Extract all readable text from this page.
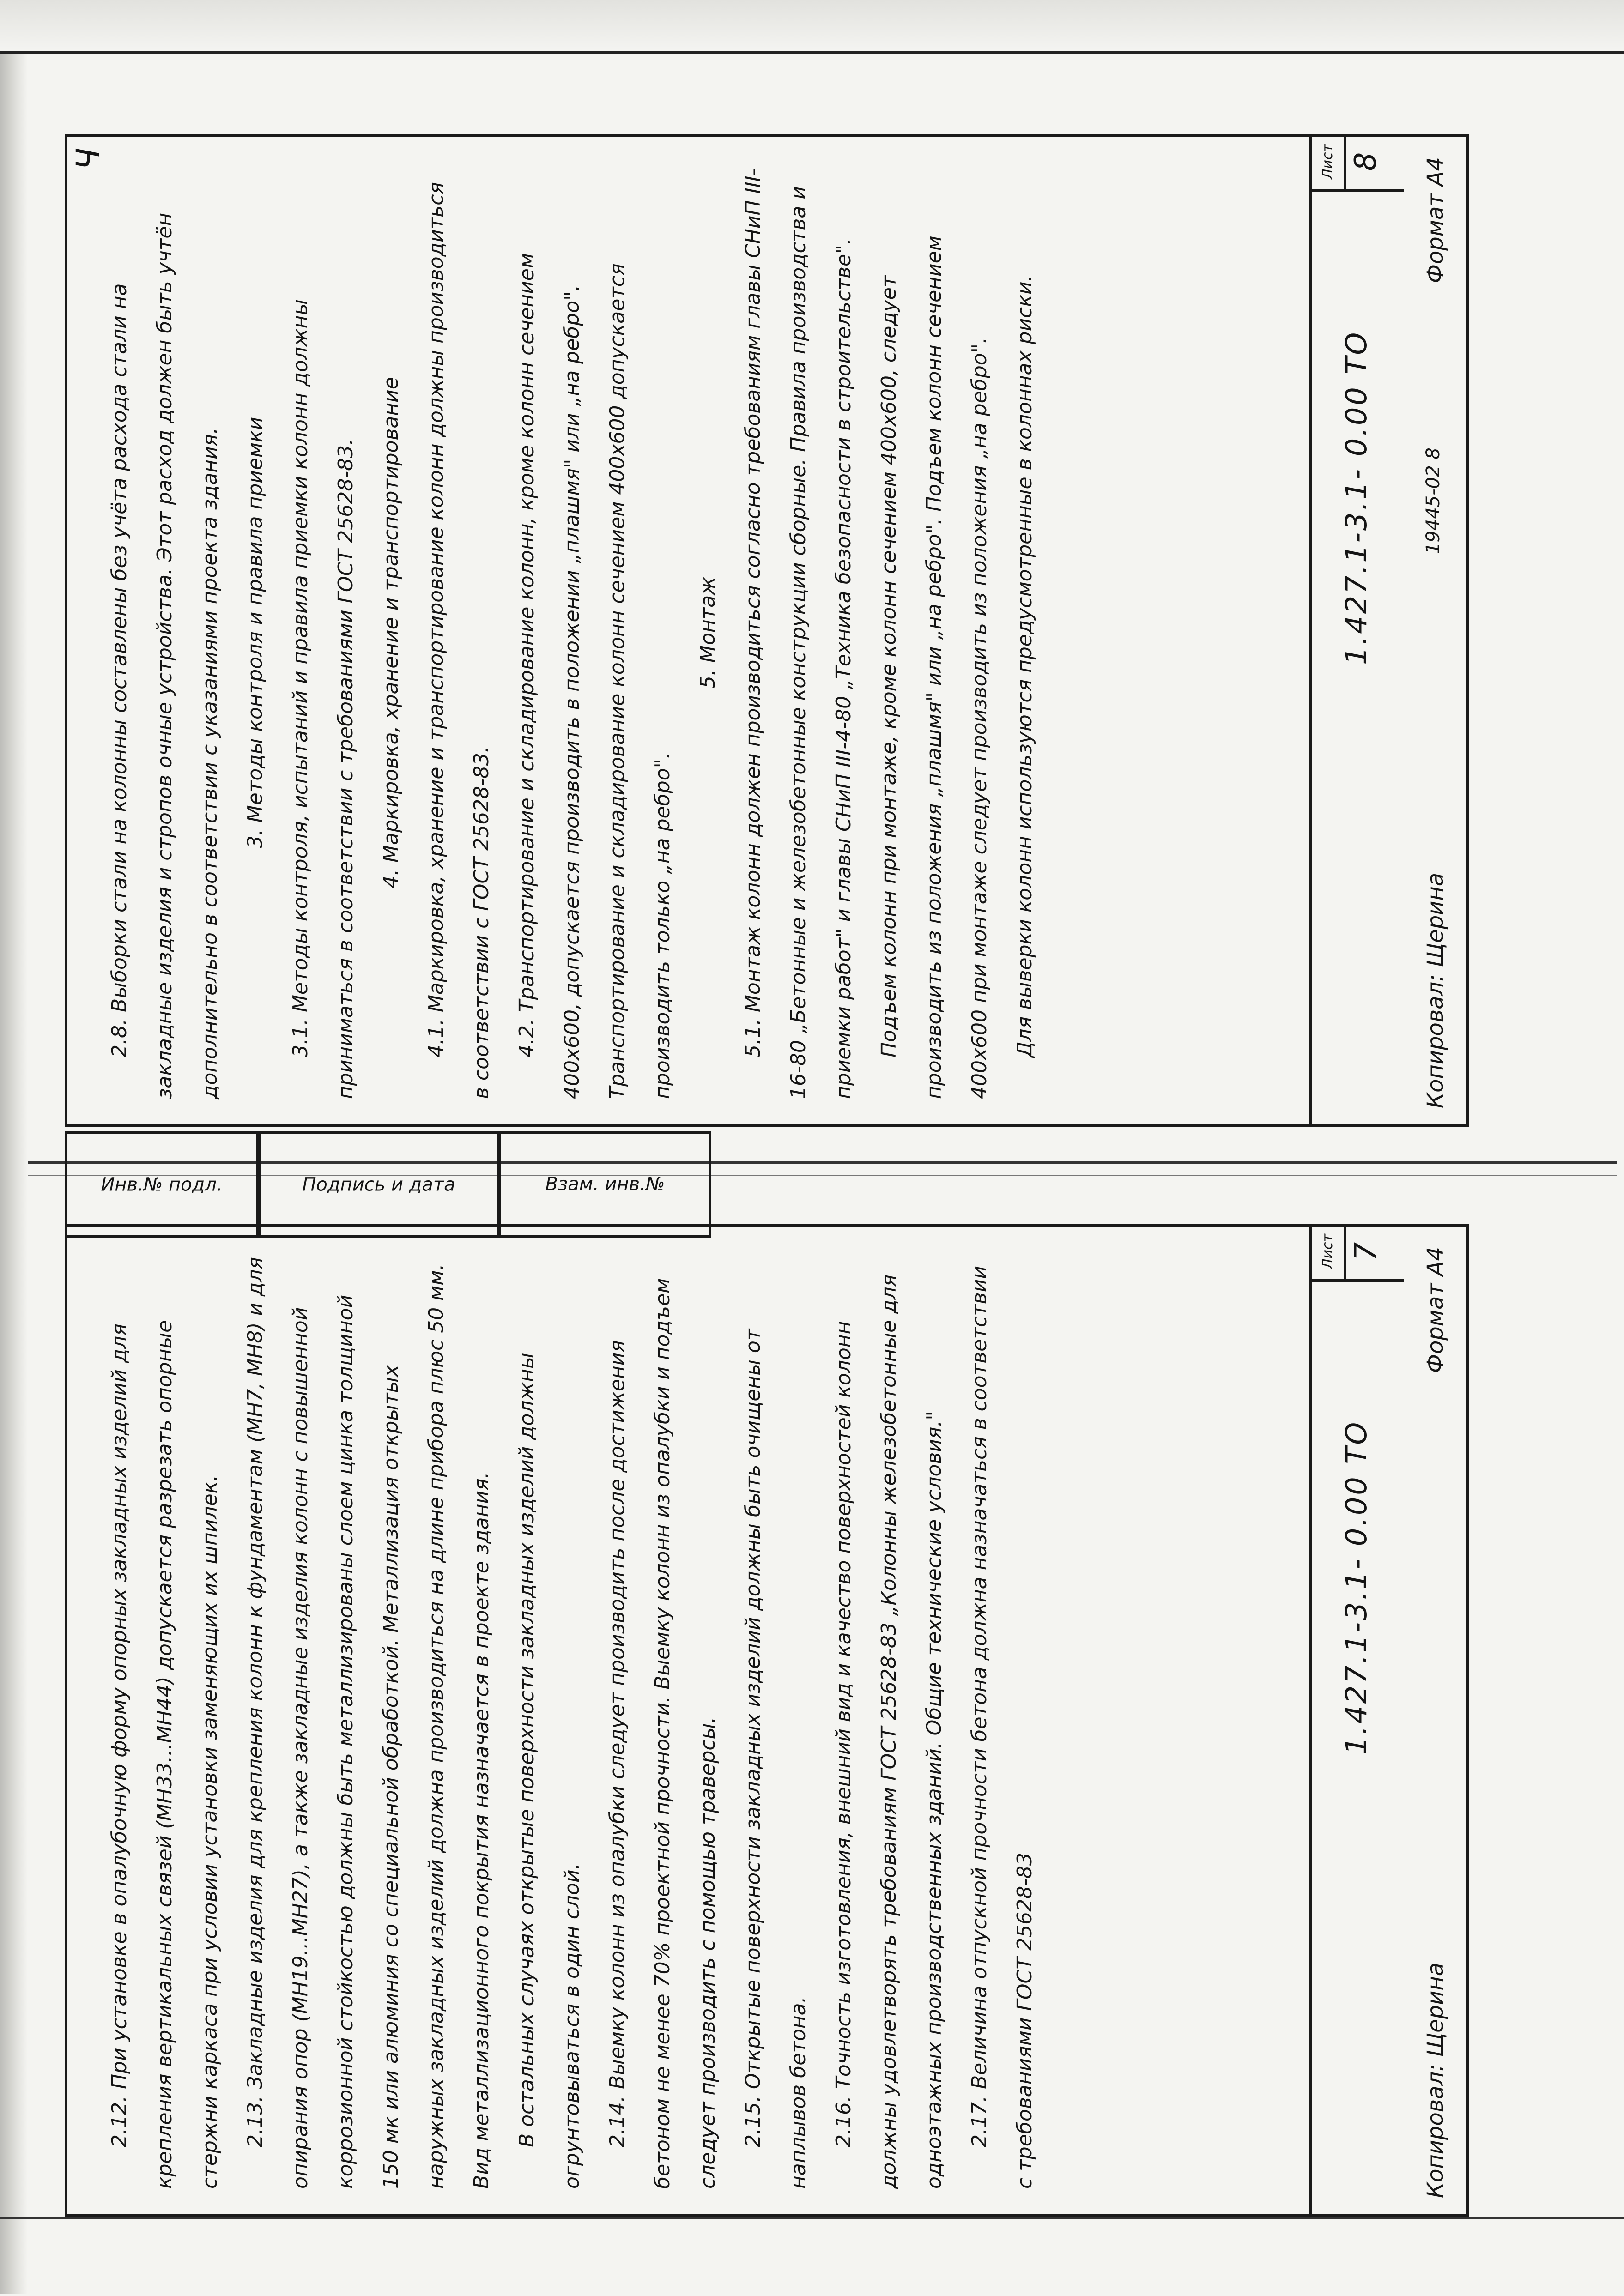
Ч

2.8. Выборки стали на колонны составлены без учёта расхода стали на закладные изделия и стропов очные устройства. Этот расход должен быть учтён дополнительно в соответствии с указаниями проекта здания.	3. Методы контроля и правила приемки	3.1. Методы контроля, испытаний и правила приемки колонн должны приниматься в соответствии с требованиями ГОСТ 25628-83.	4. Маркировка, хранение и транспортирование	4.1. Маркировка, хранение и транспортирование колонн должны производиться в соответствии с ГОСТ 25628-83.	4.2. Транспортирование и складирование колонн, кроме колонн сечением 400х600, допускается производить в положении „плашмя" или „на ребро". Транспортирование и складирование колонн сечением 400х600 допускается производить только „на ребро".

5. Монтаж	5.1. Монтаж колонн должен производиться согласно требованиям главы СНиП III-16-80 „Бетонные и железобетонные конструкции сборные. Правила производства и приемки работ" и главы СНиП III-4-80 „Техника безопасности в строительстве".	Подъем колонн при монтаже, кроме колонн сечением 400х600, следует производить из положения „плашмя" или „на ребро". Подъем колонн сечением 400х600 при монтаже следует производить из положения „на ребро".	Для выверки колонн используются предусмотренные в колоннах риски.

Инв.№ подл.	Подпись и дата	Взам. инв.№
1.427.1-3.1- 0.00 ТО
Лист 8
Копировал: Щерина
19445-02 8
Формат А4

2.12. При установке в опалубочную форму опорных закладных изделий для крепления вертикальных связей (МН33...МН44) допускается разрезать опорные стержни каркаса при условии установки заменяющих их шпилек.	2.13. Закладные изделия для крепления колонн к фундаментам (МН7, МН8) и для опирания опор (МН19...МН27), а также закладные изделия колонн с повышенной коррозионной стойкостью должны быть металлизированы слоем цинка толщиной 150 мк или алюминия со специальной обработкой. Металлизация открытых наружных закладных изделий должна производиться на длине прибора плюс 50 мм. Вид металлизационного покрытия назначается в проекте здания.	В остальных случаях открытые поверхности закладных изделий должны огрунтовываться в один слой.	2.14. Выемку колонн из опалубки следует производить после достижения бетоном не менее 70% проектной прочности. Выемку колонн из опалубки и подъем следует производить с помощью траверсы.	2.15. Открытые поверхности закладных изделий должны быть очищены от наплывов бетона.	2.16. Точность изготовления, внешний вид и качество поверхностей колонн должны удовлетворять требованиям ГОСТ 25628-83 „Колонны железобетонные для одноэтажных производственных зданий. Общие технические условия."	2.17. Величина отпускной прочности бетона должна назначаться в соответствии с требованиями ГОСТ 25628-83

1.427.1-3.1- 0.00 ТО
Лист 7
Копировал: Щерина
Формат А4
